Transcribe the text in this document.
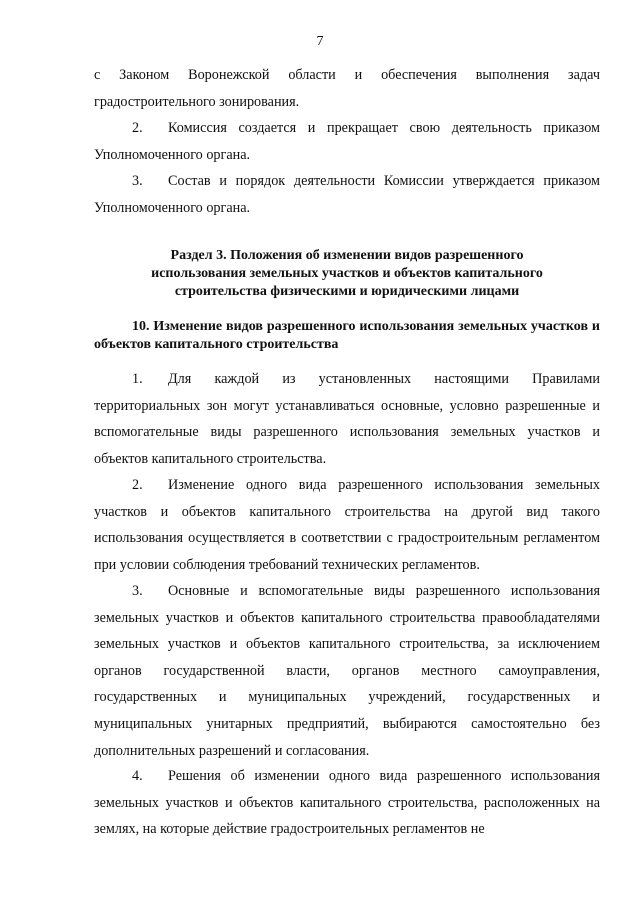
7

с Законом Воронежской области и обеспечения выполнения задач градостроительного зонирования.

2. Комиссия создается и прекращает свою деятельность приказом Уполномоченного органа.

3. Состав и порядок деятельности Комиссии утверждается приказом Уполномоченного органа.

Раздел 3. Положения об изменении видов разрешенного
использования земельных участков и объектов капитального
строительства физическими и юридическими лицами

10. Изменение видов разрешенного использования земельных участков и объектов капитального строительства

1. Для каждой из установленных настоящими Правилами территориальных зон могут устанавливаться основные, условно разрешенные и вспомогательные виды разрешенного использования земельных участков и объектов капитального строительства.

2. Изменение одного вида разрешенного использования земельных участков и объектов капитального строительства на другой вид такого использования осуществляется в соответствии с градостроительным регламентом при условии соблюдения требований технических регламентов.

3. Основные и вспомогательные виды разрешенного использования земельных участков и объектов капитального строительства правообладателями земельных участков и объектов капитального строительства, за исключением органов государственной власти, органов местного самоуправления, государственных и муниципальных учреждений, государственных и муниципальных унитарных предприятий, выбираются самостоятельно без дополнительных разрешений и согласования.

4. Решения об изменении одного вида разрешенного использования земельных участков и объектов капитального строительства, расположенных на землях, на которые действие градостроительных регламентов не
